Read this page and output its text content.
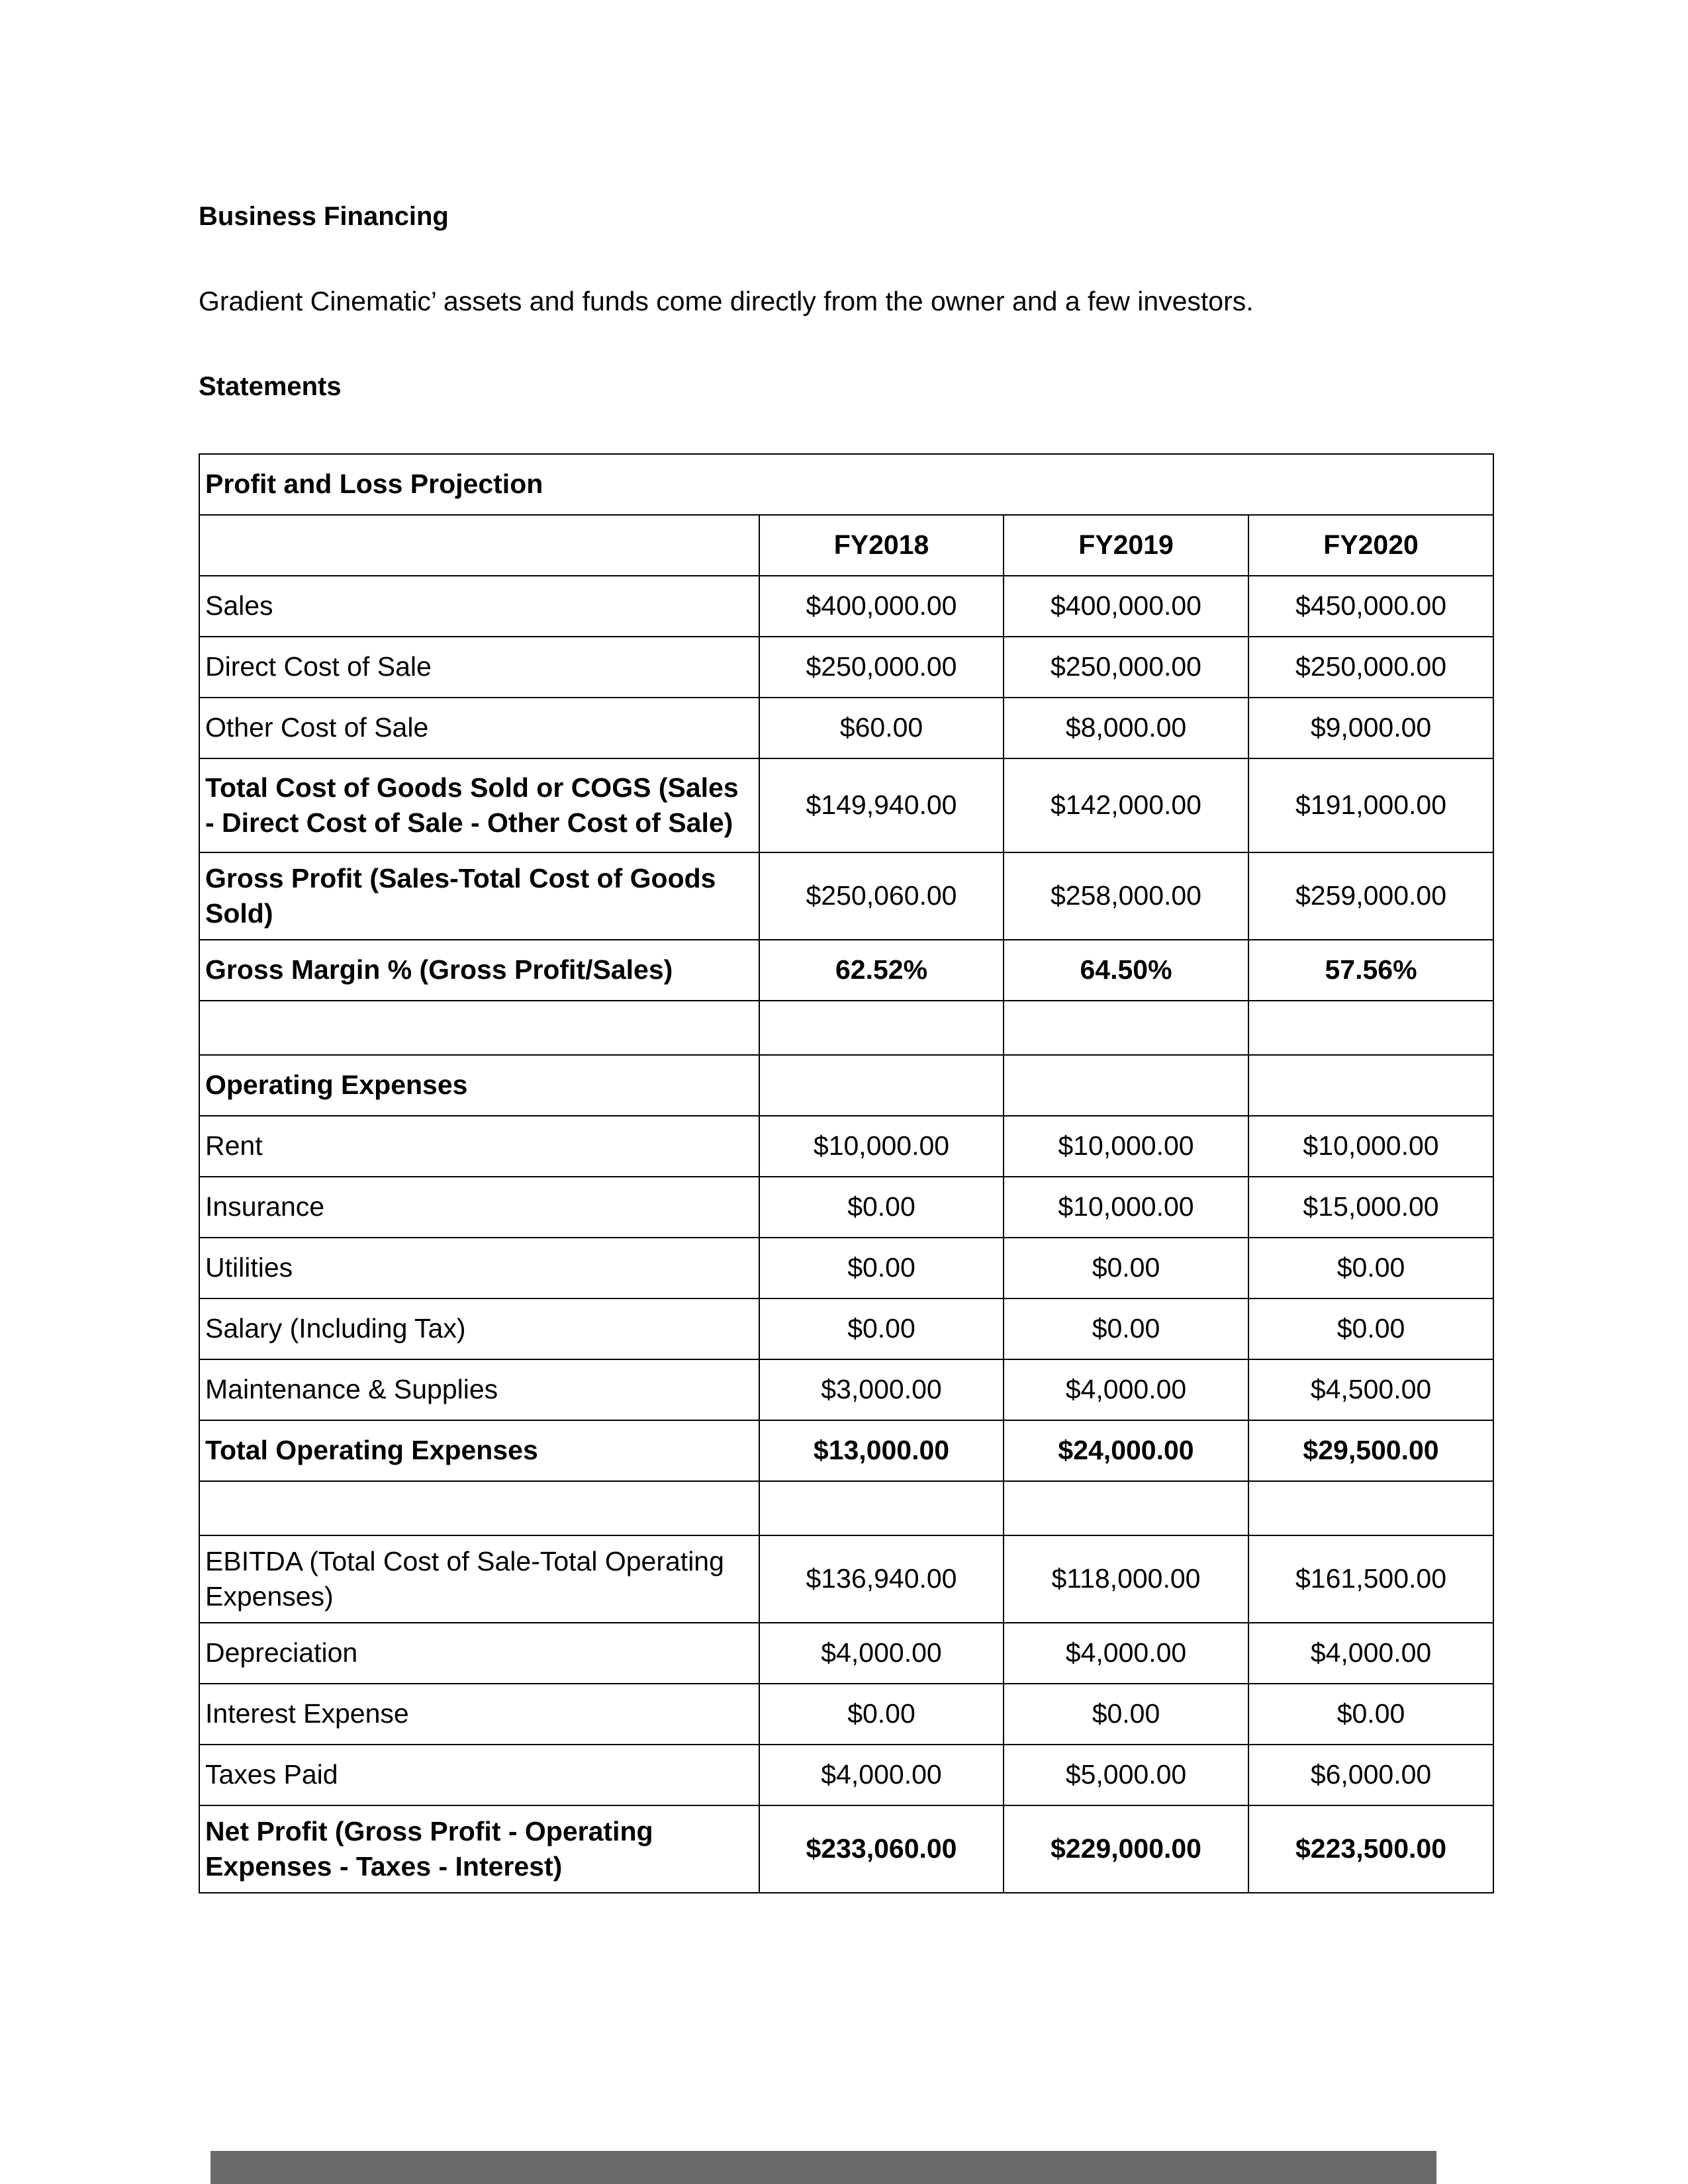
Business Financing
Gradient Cinematic’ assets and funds come directly from the owner and a few investors.
Statements
Profit and Loss Projection			
	FY2018	FY2019	FY2020
Sales	$400,000.00	$400,000.00	$450,000.00
Direct Cost of Sale	$250,000.00	$250,000.00	$250,000.00
Other Cost of Sale	$60.00	$8,000.00	$9,000.00
Total Cost of Goods Sold or COGS (Sales - Direct Cost of Sale - Other Cost of Sale)	$149,940.00	$142,000.00	$191,000.00
Gross Profit (Sales-Total Cost of Goods Sold)	$250,060.00	$258,000.00	$259,000.00
Gross Margin % (Gross Profit/Sales)	62.52%	64.50%	57.56%

Operating Expenses			
Rent	$10,000.00	$10,000.00	$10,000.00
Insurance	$0.00	$10,000.00	$15,000.00
Utilities	$0.00	$0.00	$0.00
Salary (Including Tax)	$0.00	$0.00	$0.00
Maintenance & Supplies	$3,000.00	$4,000.00	$4,500.00
Total Operating Expenses	$13,000.00	$24,000.00	$29,500.00

EBITDA (Total Cost of Sale-Total Operating Expenses)	$136,940.00	$118,000.00	$161,500.00
Depreciation	$4,000.00	$4,000.00	$4,000.00
Interest Expense	$0.00	$0.00	$0.00
Taxes Paid	$4,000.00	$5,000.00	$6,000.00
Net Profit (Gross Profit - Operating Expenses - Taxes - Interest)	$233,060.00	$229,000.00	$223,500.00
